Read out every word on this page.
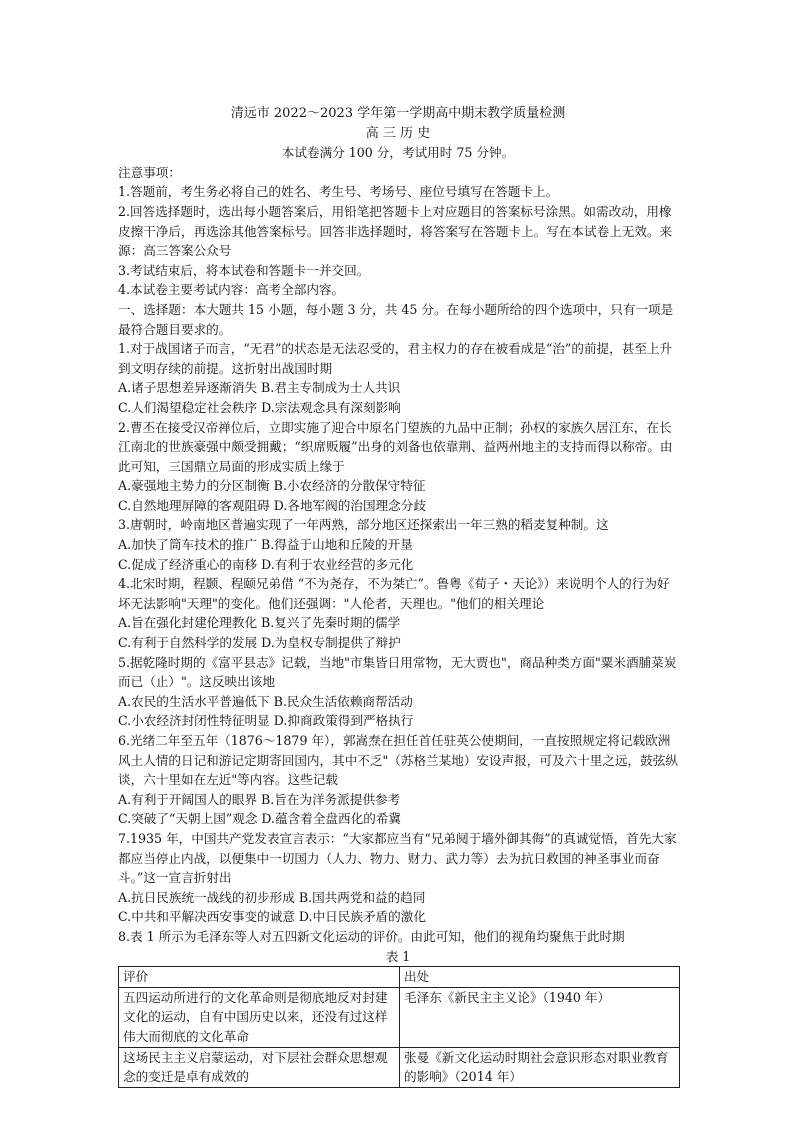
清远市 2022～2023 学年第一学期高中期末教学质量检测

高 三 历 史

本试卷满分 100 分，考试用时 75 分钟。

注意事项：

1.答题前，考生务必将自己的姓名、考生号、考场号、座位号填写在答题卡上。

2.回答选择题时，选出每小题答案后，用铅笔把答题卡上对应题目的答案标号涂黑。如需改动，用橡皮擦干净后，再选涂其他答案标号。回答非选择题时，将答案写在答题卡上。写在本试卷上无效。来源：高三答案公众号

3.考试结束后，将本试卷和答题卡一并交回。

4.本试卷主要考试内容：高考全部内容。

一、选择题：本大题共 15 小题，每小题 3 分，共 45 分。在每小题所给的四个选项中，只有一项是最符合题目要求的。

1.对于战国诸子而言，“无君”的状态是无法忍受的，君主权力的存在被看成是“治”的前提，甚至上升到文明存续的前提。这折射出战国时期

A.诸子思想差异逐渐消失 B.君主专制成为士人共识

C.人们渴望稳定社会秩序 D.宗法观念具有深刻影响

2.曹丕在接受汉帝禅位后，立即实施了迎合中原名门望族的九品中正制；孙权的家族久居江东，在长江南北的世族豪强中颇受拥戴；“织席贩履”出身的刘备也依靠荆、益两州地主的支持而得以称帝。由此可知，三国鼎立局面的形成实质上缘于

A.豪强地主势力的分区制衡 B.小农经济的分散保守特征

C.自然地理屏障的客观阻碍 D.各地军阀的治国理念分歧

3.唐朝时，岭南地区普遍实现了一年两熟，部分地区还探索出一年三熟的稻麦复种制。这

A.加快了筒车技术的推广 B.得益于山地和丘陵的开垦

C.促成了经济重心的南移 D.有利于农业经营的多元化

4.北宋时期，程颢、程颐兄弟借 “不为尧存，不为桀亡”。鲁粤《荀子・天论》）来说明个人的行为好坏无法影响"天理"的变化。他们还强调："人伦者，天理也。"他们的相关理论

A.旨在强化封建伦理教化 B.复兴了先秦时期的儒学

C.有利于自然科学的发展 D.为皇权专制提供了辩护

5.据乾隆时期的《富平县志》记载，当地"市集皆日用常物，无大贾也"，商品种类方面"粟米酒脯菜炭而已（止）"。这反映出该地

A.农民的生活水平普遍低下 B.民众生活依赖商帮活动

C.小农经济封闭性特征明显 D.抑商政策得到严格执行

6.光绪二年至五年（1876～1879 年），郭嵩焘在担任首任驻英公使期间，一直按照规定将记载欧洲风土人情的日记和游记定期寄回国内，其中不乏"（苏格兰某地）安设声报，可及六十里之远，鼓弦纵谈，六十里如在左近"等内容。这些记载

A.有利于开阔国人的眼界 B.旨在为洋务派提供参考

C.突破了“天朝上国”观念 D.蕴含着全盘西化的希冀

7.1935 年，中国共产党发表宣言表示：“大家都应当有“兄弟阋于墙外御其侮”的真诚觉悟，首先大家都应当停止内战，以便集中一切国力（人力、物力、财力、武力等）去为抗日救国的神圣事业而奋斗。”这一宣言折射出

A.抗日民族统一战线的初步形成 B.国共两党和益的趋同

C.中共和平解决西安事变的诚意 D.中日民族矛盾的激化

8.表 1 所示为毛泽东等人对五四新文化运动的评价。由此可知，他们的视角均聚焦于此时期

表 1

评价	出处
五四运动所进行的文化革命则是彻底地反对封建文化的运动，自有中国历史以来，还没有过这样伟大而彻底的文化革命	毛泽东《新民主主义论》（1940 年）
这场民主主义启蒙运动，对下层社会群众思想观念的变迁是卓有成效的	张曼《新文化运动时期社会意识形态对职业教育的影响》（2014 年）
